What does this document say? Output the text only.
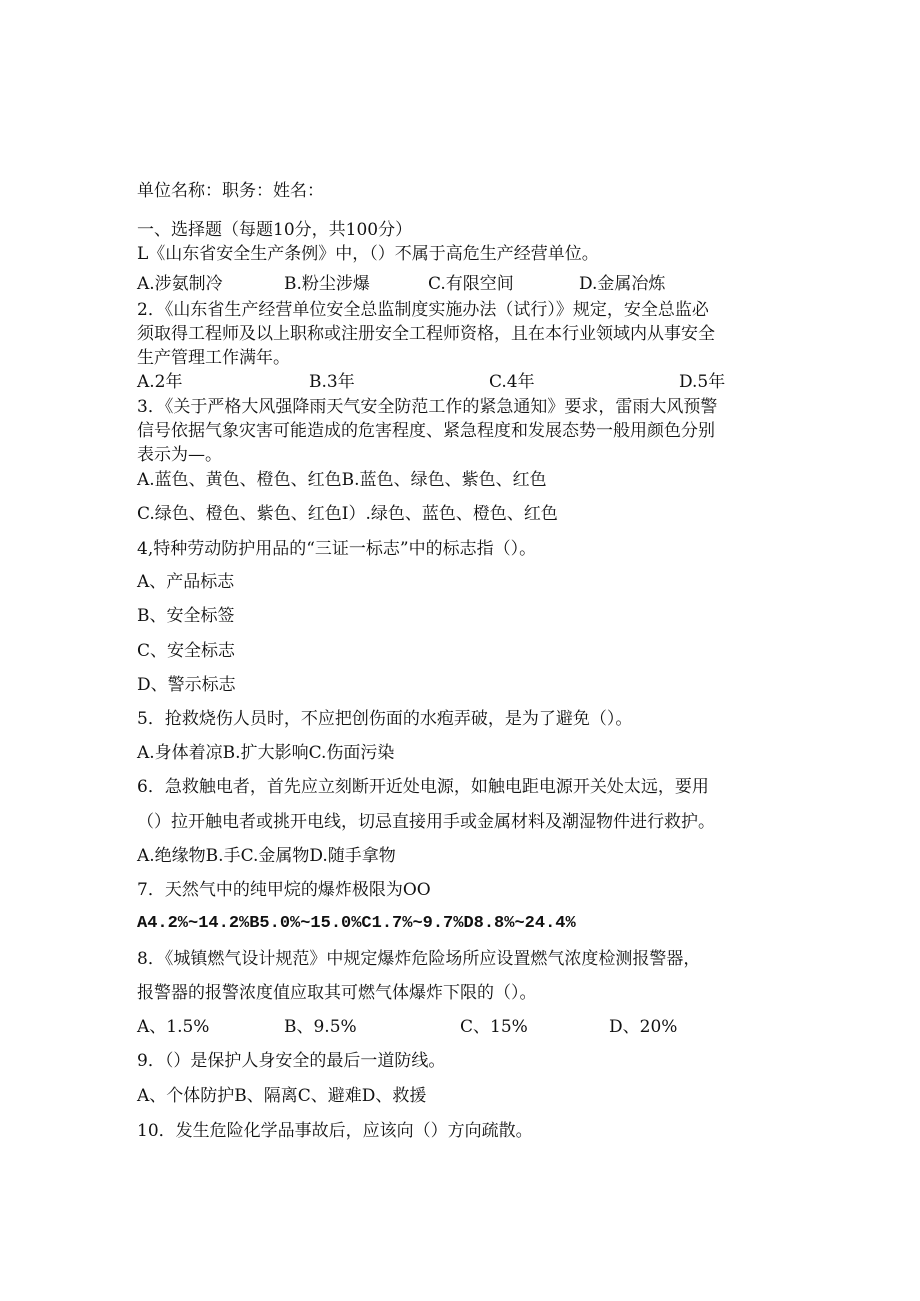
单位名称：职务：姓名：
一、选择题（每题10分，共100分）
L《山东省安全生产条例》中，（）不属于高危生产经营单位。
A.涉氨制冷	B.粉尘涉爆	C.有限空间	D.金属冶炼
2．《山东省生产经营单位安全总监制度实施办法（试行）》规定，安全总监必
须取得工程师及以上职称或注册安全工程师资格，且在本行业领域内从事安全
生产管理工作满年。
A.2年	B.3年	C.4年	D.5年
3．《关于严格大风强降雨天气安全防范工作的紧急通知》要求，雷雨大风预警
信号依据气象灾害可能造成的危害程度、紧急程度和发展态势一般用颜色分别
表示为—。
A.蓝色、黄色、橙色、红色B.蓝色、绿色、紫色、红色
C.绿色、橙色、紫色、红色I）.绿色、蓝色、橙色、红色
4,特种劳动防护用品的“三证一标志”中的标志指（）。
A、产品标志
B、安全标签
C、安全标志
D、警示标志
5．抢救烧伤人员时，不应把创伤面的水疱弄破，是为了避免（）。
A.身体着凉B.扩大影响C.伤面污染
6．急救触电者，首先应立刻断开近处电源，如触电距电源开关处太远，要用
（）拉开触电者或挑开电线，切忌直接用手或金属材料及潮湿物件进行救护。
A.绝缘物B.手C.金属物D.随手拿物
7．天然气中的纯甲烷的爆炸极限为OO
A4.2%~14.2%B5.0%~15.0%C1.7%~9.7%D8.8%~24.4%
8．《城镇燃气设计规范》中规定爆炸危险场所应设置燃气浓度检测报警器，
报警器的报警浓度值应取其可燃气体爆炸下限的（）。
A、1.5%	B、9.5%	C、15%	D、20%
9．（）是保护人身安全的最后一道防线。
A、个体防护B、隔离C、避难D、救援
10．发生危险化学品事故后，应该向（）方向疏散。
